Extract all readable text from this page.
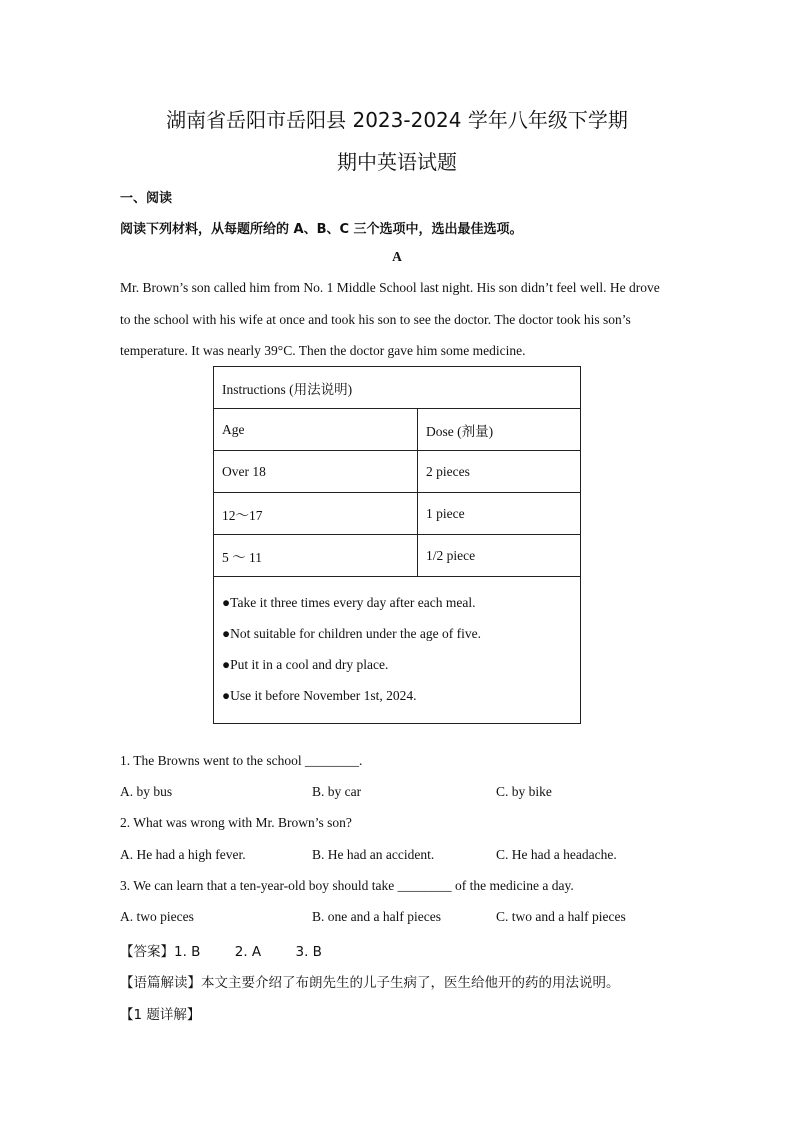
湖南省岳阳市岳阳县 2023-2024 学年八年级下学期
期中英语试题
一、阅读
阅读下列材料，从每题所给的 A、B、C 三个选项中，选出最佳选项。
A
Mr. Brown’s son called him from No. 1 Middle School last night. His son didn’t feel well. He drove
to the school with his wife at once and took his son to see the doctor. The doctor took his son’s
temperature. It was nearly 39°C. Then the doctor gave him some medicine.
Instructions (用法说明)	
Age	Dose (剂量)
Over 18	2 pieces
12～17	1 piece
5 ～ 11	1/2 piece

●Take it three times every day after each meal.
●Not suitable for children under the age of five.
●Put it in a cool and dry place.
●Use it before November 1st, 2024.	
1. The Browns went to the school ________.
A. by bus	B. by car	C. by bike
2. What was wrong with Mr. Brown’s son?
A. He had a high fever.	B. He had an accident.	C. He had a headache.
3. We can learn that a ten-year-old boy should take ________ of the medicine a day.
A. two pieces	B. one and a half pieces	C. two and a half pieces
【答案】1. B        2. A        3. B
【语篇解读】本文主要介绍了布朗先生的儿子生病了，医生给他开的药的用法说明。
【1 题详解】
